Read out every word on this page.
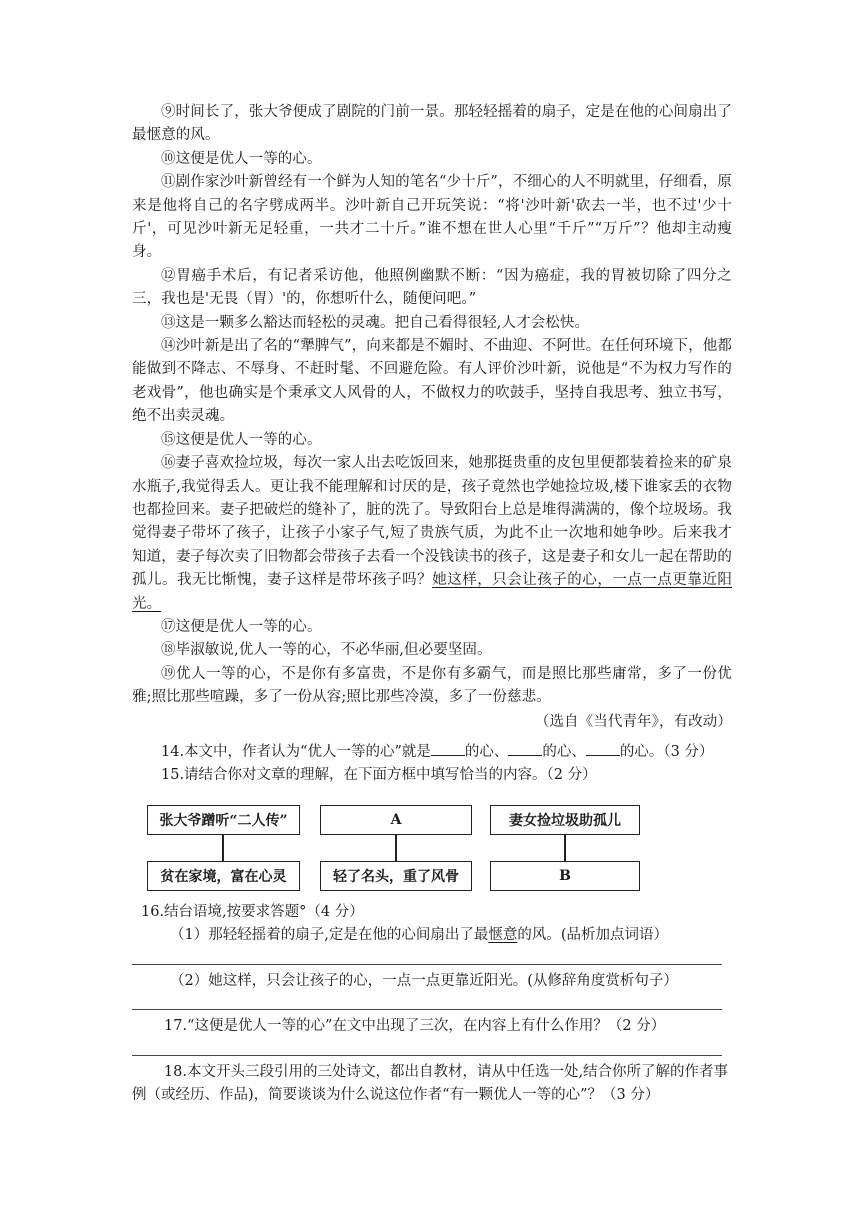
⑨时间长了，张大爷便成了剧院的门前一景。那轻轻摇着的扇子，定是在他的心间扇出了最惬意的风。

⑩这便是优人一等的心。

⑪剧作家沙叶新曾经有一个鲜为人知的笔名“少十斤”，不细心的人不明就里，仔细看，原来是他将自己的名字劈成两半。沙叶新自己开玩笑说：“将'沙叶新'砍去一半，也不过'少十斤'，可见沙叶新无足轻重，一共才二十斤。”谁不想在世人心里“千斤”“万斤”？他却主动瘦身。

⑫胃癌手术后，有记者采访他，他照例幽默不断：“因为癌症，我的胃被切除了四分之三，我也是'无畏（胃）'的，你想听什么，随便问吧。”

⑬这是一颗多么豁达而轻松的灵魂。把自己看得很轻,人才会松快。

⑭沙叶新是出了名的“犟脾气”，向来都是不媚时、不曲迎、不阿世。在任何环境下，他都能做到不降志、不辱身、不赶时髦、不回避危险。有人评价沙叶新，说他是“不为权力写作的老戏骨”，他也确实是个秉承文人风骨的人，不做权力的吹鼓手，坚持自我思考、独立书写，绝不出卖灵魂。

⑮这便是优人一等的心。

⑯妻子喜欢捡垃圾，每次一家人出去吃饭回来，她那挺贵重的皮包里便都装着捡来的矿泉水瓶子,我觉得丢人。更让我不能理解和讨厌的是，孩子竟然也学她捡垃圾,楼下谁家丢的衣物也都捡回来。妻子把破烂的缝补了，脏的洗了。导致阳台上总是堆得满满的，像个垃圾场。我觉得妻子带坏了孩子，让孩子小家子气,短了贵族气质，为此不止一次地和她争吵。后来我才知道，妻子每次卖了旧物都会带孩子去看一个没钱读书的孩子，这是妻子和女儿一起在帮助的孤儿。我无比惭愧，妻子这样是带坏孩子吗？她这样，只会让孩子的心，一点一点更靠近阳光。

⑰这便是优人一等的心。

⑱毕淑敏说,优人一等的心，不必华丽,但必要坚固。

⑲优人一等的心，不是你有多富贵，不是你有多霸气，而是照比那些庸常，多了一份优雅;照比那些喧躁，多了一份从容;照比那些冷漠，多了一份慈悲。

（选自《当代青年》，有改动）

14.本文中，作者认为“优人一等的心”就是 的心、 的心、 的心。（3 分）

15.请结合你对文章的理解，在下面方框中填写恰当的内容。（2 分）

张大爷蹭听“二人传”
贫在家境，富在心灵
A
轻了名头，重了风骨
妻女捡垃圾助孤儿
B

16.结台语境,按要求答题°（4 分）

（1）那轻轻摇着的扇子,定是在他的心间扇出了最惬意的风。(品析加点词语）

（2）她这样，只会让孩子的心，一点一点更靠近阳光。(从修辞角度赏析句子）

17.“这便是优人一等的心”在文中出现了三次，在内容上有什么作用？（2 分）

18.本文开头三段引用的三处诗文，都出自教材，请从中任选一处,结合你所了解的作者事例（或经历、作品)，简要谈谈为什么说这位作者“有一颗优人一等的心”？（3 分）
